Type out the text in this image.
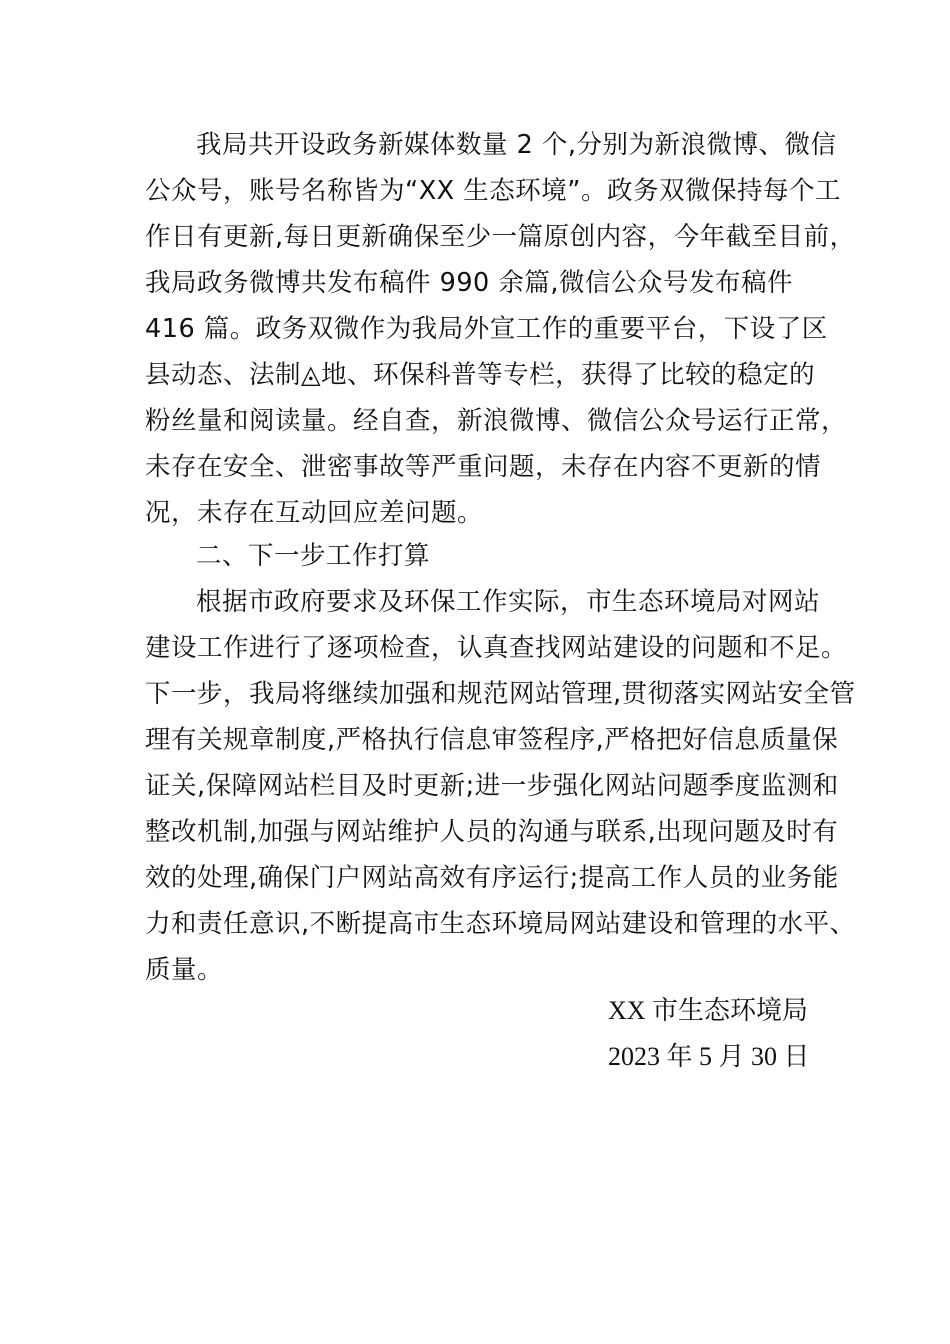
我局共开设政务新媒体数量 2 个,分别为新浪微博、微信
公众号，账号名称皆为“XX 生态环境”。政务双微保持每个工
作日有更新,每日更新确保至少一篇原创内容，今年截至目前，
我局政务微博共发布稿件 990 余篇,微信公众号发布稿件
416 篇。政务双微作为我局外宣工作的重要平台，下设了区
县动态、法制◬地、环保科普等专栏，获得了比较的稳定的
粉丝量和阅读量。经自查，新浪微博、微信公众号运行正常，
未存在安全、泄密事故等严重问题，未存在内容不更新的情
况，未存在互动回应差问题。
二、下一步工作打算
根据市政府要求及环保工作实际，市生态环境局对网站
建设工作进行了逐项检查，认真查找网站建设的问题和不足。
下一步，我局将继续加强和规范网站管理,贯彻落实网站安全管
理有关规章制度,严格执行信息审签程序,严格把好信息质量保
证关,保障网站栏目及时更新;进一步强化网站问题季度监测和
整改机制,加强与网站维护人员的沟通与联系,出现问题及时有
效的处理,确保门户网站高效有序运行;提高工作人员的业务能
力和责任意识,不断提高市生态环境局网站建设和管理的水平、
质量。
XX 市生态环境局
2023 年 5 月 30 日
